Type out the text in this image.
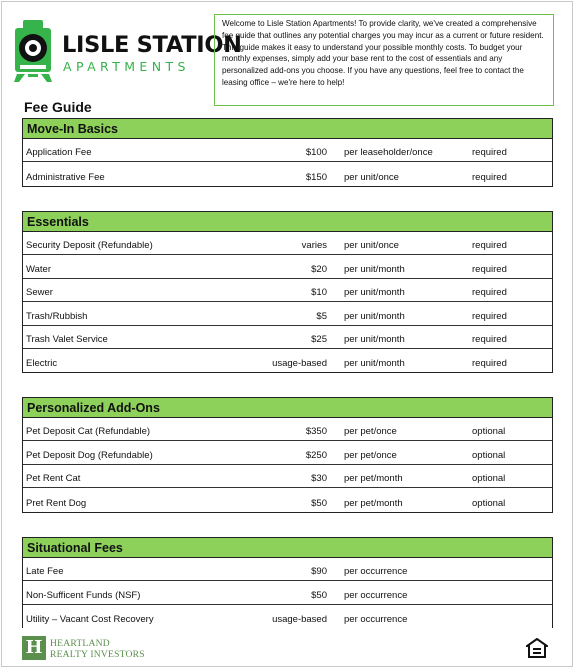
LISLE STATION
APARTMENTS
Welcome to Lisle Station Apartments! To provide clarity, we've created a comprehensive fee guide that outlines any potential charges you may incur as a current or future resident. This guide makes it easy to understand your possible monthly costs. To budget your monthly expenses, simply add your base rent to the cost of essentials and any personalized add-ons you choose. If you have any questions, feel free to contact the leasing office – we're here to help!
Fee Guide
Move-In Basics
Application Fee	$100 per leaseholder/once	required
Administrative Fee	$150 per unit/once	required
Essentials
Security Deposit (Refundable)	varies per unit/once	required
Water	$20 per unit/month	required
Sewer	$10 per unit/month	required
Trash/Rubbish	$5 per unit/month	required
Trash Valet Service	$25 per unit/month	required
Electric	usage-based per unit/month	required
Personalized Add-Ons
Pet Deposit Cat (Refundable)	$350 per pet/once	optional
Pet Deposit Dog (Refundable)	$250 per pet/once	optional
Pet Rent Cat	$30 per pet/month	optional
Pret Rent Dog	$50 per pet/month	optional
Situational Fees
Late Fee	$90 per occurrence
Non-Sufficent Funds (NSF)	$50 per occurrence
Utility – Vacant Cost Recovery	usage-based per occurrence
H HEARTLAND
REALTY INVESTORS
